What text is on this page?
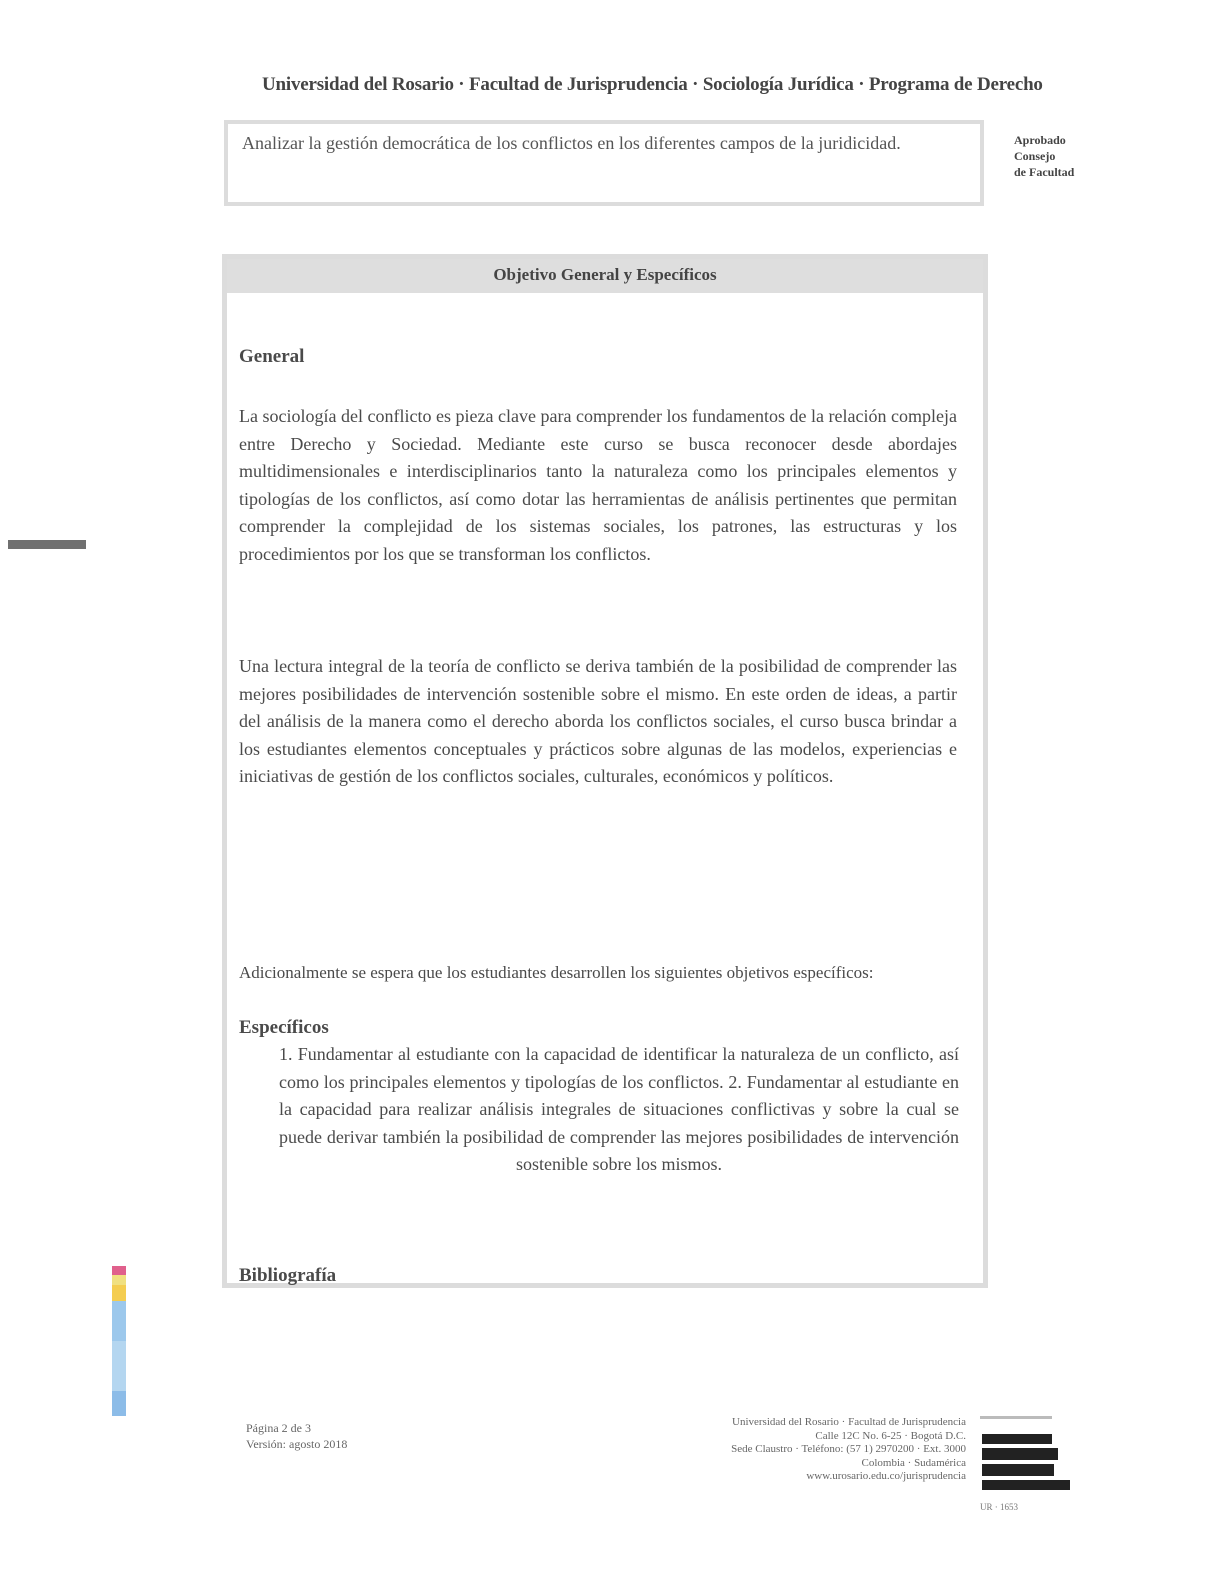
Universidad del Rosario · Facultad de Jurisprudencia · Sociología Jurídica · Programa de Derecho
Analizar la gestión democrática de los conflictos en los diferentes campos de la juridicidad.	Aprobado
Consejo
de Facultad
Objetivo General y Específicos

General

La sociología del conflicto es pieza clave para comprender los fundamentos de la relación compleja entre Derecho y Sociedad. Mediante este curso se busca reconocer desde abordajes multidimensionales e interdisciplinarios tanto la naturaleza como los principales elementos y tipologías de los conflictos, así como dotar las herramientas de análisis pertinentes que permitan comprender la complejidad de los sistemas sociales, los patrones, las estructuras y los procedimientos por los que se transforman los conflictos.

Una lectura integral de la teoría de conflicto se deriva también de la posibilidad de comprender las mejores posibilidades de intervención sostenible sobre el mismo. En este orden de ideas, a partir del análisis de la manera como el derecho aborda los conflictos sociales, el curso busca brindar a los estudiantes elementos conceptuales y prácticos sobre algunas de las modelos, experiencias e iniciativas de gestión de los conflictos sociales, culturales, económicos y políticos.

Adicionalmente se espera que los estudiantes desarrollen los siguientes objetivos específicos:

Específicos

1. Fundamentar al estudiante con la capacidad de identificar la naturaleza de un conflicto, así como los principales elementos y tipologías de los conflictos. 2. Fundamentar al estudiante en la capacidad para realizar análisis integrales de situaciones conflictivas y sobre la cual se puede derivar también la posibilidad de comprender las mejores posibilidades de intervención sostenible sobre los mismos.

Bibliografía

Página 2 de 3
Versión: agosto 2018
Universidad del Rosario · Facultad de Jurisprudencia
Calle 12C No. 6-25 · Bogotá D.C.
Sede Claustro · Teléfono: (57 1) 2970200 · Ext. 3000
Colombia · Sudamérica
www.urosario.edu.co/jurisprudencia
UR · 1653
